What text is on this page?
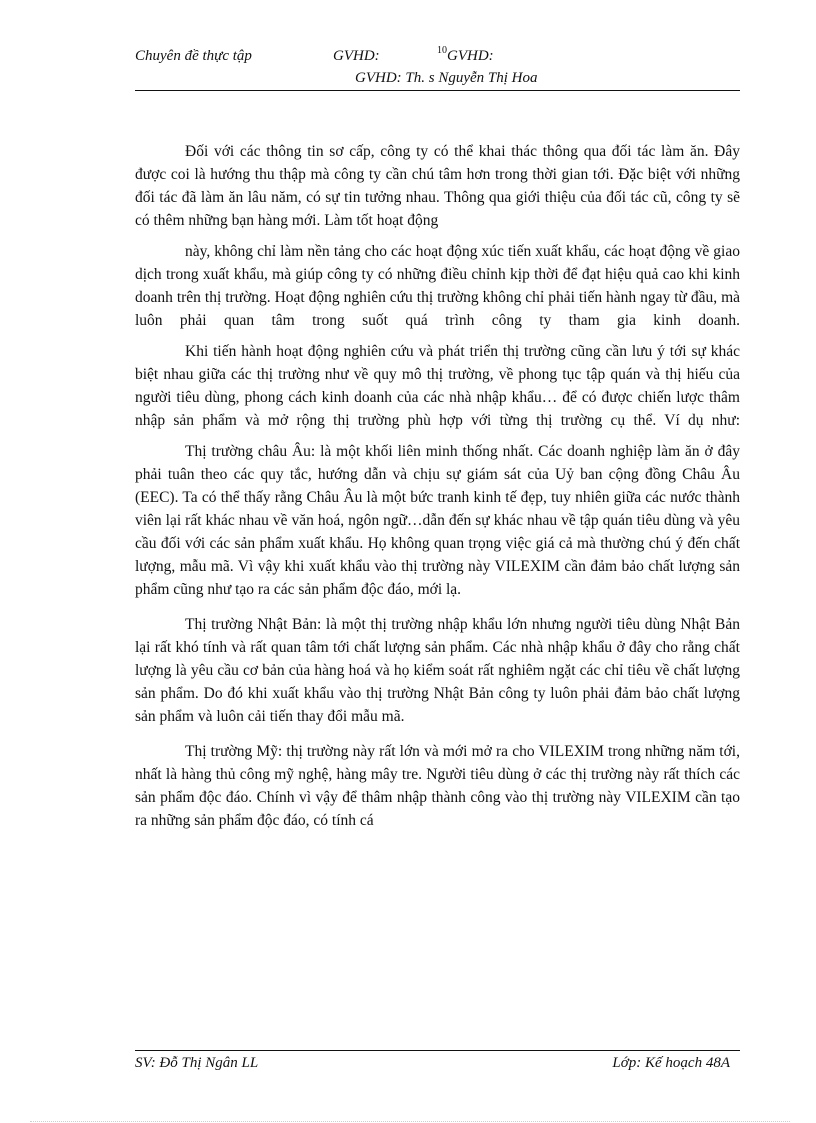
Chuyên đề thực tập	GVHD:	10 GVHD:
GVHD: Th. s Nguyễn Thị Hoa

Đối với các thông tin sơ cấp, công ty có thể khai thác thông qua đối tác làm ăn. Đây được coi là hướng thu thập mà công ty cần chú tâm hơn trong thời gian tới. Đặc biệt với những đối tác đã làm ăn lâu năm, có sự tin tưởng nhau. Thông qua giới thiệu của đối tác cũ, công ty sẽ có thêm những bạn hàng mới. Làm tốt hoạt động

này, không chỉ làm nền tảng cho các hoạt động xúc tiến xuất khẩu, các hoạt động về giao dịch trong xuất khẩu, mà giúp công ty có những điều chỉnh kịp thời để đạt hiệu quả cao khi kinh doanh trên thị trường. Hoạt động nghiên cứu thị trường không chỉ phải tiến hành ngay từ đầu, mà luôn phải quan tâm trong suốt quá trình công ty tham gia kinh doanh.

Khi tiến hành hoạt động nghiên cứu và phát triển thị trường cũng cần lưu ý tới sự khác biệt nhau giữa các thị trường như về quy mô thị trường, về phong tục tập quán và thị hiếu của người tiêu dùng, phong cách kinh doanh của các nhà nhập khẩu… để có được chiến lược thâm nhập sản phẩm và mở rộng thị trường phù hợp với từng thị trường cụ thể. Ví dụ như:

Thị trường châu Âu: là một khối liên minh thống nhất. Các doanh nghiệp làm ăn ở đây phải tuân theo các quy tắc, hướng dẫn và chịu sự giám sát của Uỷ ban cộng đồng Châu Âu (EEC). Ta có thể thấy rằng Châu Âu là một bức tranh kinh tế đẹp, tuy nhiên giữa các nước thành viên lại rất khác nhau về văn hoá, ngôn ngữ…dẫn đến sự khác nhau về tập quán tiêu dùng và yêu cầu đối với các sản phẩm xuất khẩu. Họ không quan trọng việc giá cả mà thường chú ý đến chất lượng, mẫu mã. Vì vậy khi xuất khẩu vào thị trường này VILEXIM cần đảm bảo chất lượng sản phẩm cũng như tạo ra các sản phẩm độc đáo, mới lạ.

Thị trường Nhật Bản: là một thị trường nhập khẩu lớn nhưng người tiêu dùng Nhật Bản lại rất khó tính và rất quan tâm tới chất lượng sản phẩm. Các nhà nhập khẩu ở đây cho rằng chất lượng là yêu cầu cơ bản của hàng hoá và họ kiểm soát rất nghiêm ngặt các chỉ tiêu về chất lượng sản phẩm. Do đó khi xuất khẩu vào thị trường Nhật Bản công ty luôn phải đảm bảo chất lượng sản phẩm và luôn cải tiến thay đổi mẫu mã.

Thị trường Mỹ: thị trường này rất lớn và mới mở ra cho VILEXIM trong những năm tới, nhất là hàng thủ công mỹ nghệ, hàng mây tre. Người tiêu dùng ở các thị trường này rất thích các sản phẩm độc đáo. Chính vì vậy để thâm nhập thành công vào thị trường này VILEXIM cần tạo ra những sản phẩm độc đáo, có tính cá

SV: Đỗ Thị Ngân LL	Lớp: Kế hoạch 48A
